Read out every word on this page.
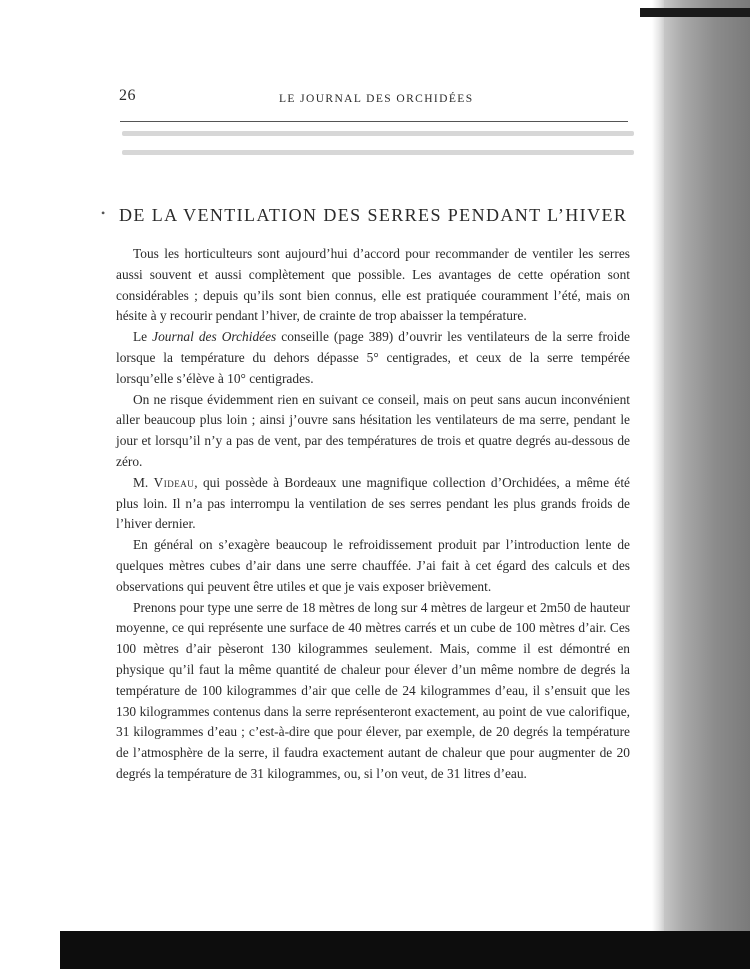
26	LE JOURNAL DES ORCHIDÉES
• DE LA VENTILATION DES SERRES PENDANT L’HIVER

Tous les horticulteurs sont aujourd’hui d’accord pour recommander de ventiler les serres aussi souvent et aussi complètement que possible. Les avantages de cette opération sont considérables ; depuis qu’ils sont bien connus, elle est pratiquée couramment l’été, mais on hésite à y recourir pendant l’hiver, de crainte de trop abaisser la température.

Le Journal des Orchidées conseille (page 389) d’ouvrir les ventilateurs de la serre froide lorsque la température du dehors dépasse 5° centigrades, et ceux de la serre tempérée lorsqu’elle s’élève à 10° centigrades.

On ne risque évidemment rien en suivant ce conseil, mais on peut sans aucun inconvénient aller beaucoup plus loin ; ainsi j’ouvre sans hésitation les ventilateurs de ma serre, pendant le jour et lorsqu’il n’y a pas de vent, par des températures de trois et quatre degrés au-dessous de zéro.

M. Videau, qui possède à Bordeaux une magnifique collection d’Orchidées, a même été plus loin. Il n’a pas interrompu la ventilation de ses serres pendant les plus grands froids de l’hiver dernier.

En général on s’exagère beaucoup le refroidissement produit par l’introduction lente de quelques mètres cubes d’air dans une serre chauffée. J’ai fait à cet égard des calculs et des observations qui peuvent être utiles et que je vais exposer brièvement.

Prenons pour type une serre de 18 mètres de long sur 4 mètres de largeur et 2m50 de hauteur moyenne, ce qui représente une surface de 40 mètres carrés et un cube de 100 mètres d’air. Ces 100 mètres d’air pèseront 130 kilogrammes seulement. Mais, comme il est démontré en physique qu’il faut la même quantité de chaleur pour élever d’un même nombre de degrés la température de 100 kilogrammes d’air que celle de 24 kilogrammes d’eau, il s’ensuit que les 130 kilogrammes contenus dans la serre représenteront exactement, au point de vue calorifique, 31 kilogrammes d’eau ; c’est-à-dire que pour élever, par exemple, de 20 degrés la température de l’atmosphère de la serre, il faudra exactement autant de chaleur que pour augmenter de 20 degrés la température de 31 kilogrammes, ou, si l’on veut, de 31 litres d’eau.
